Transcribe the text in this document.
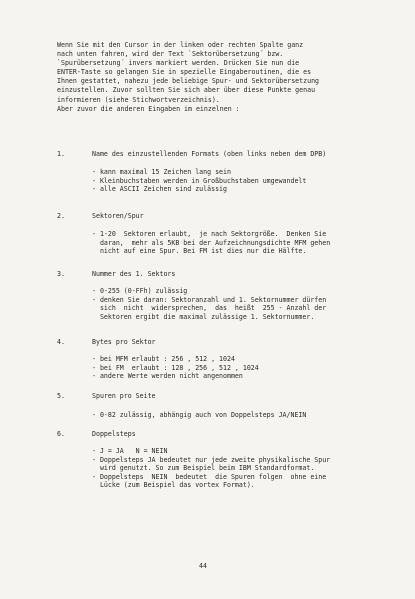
Wenn Sie mit den Cursor in der linken oder rechten Spalte ganz
nach unten fahren, wird der Text `Sektorübersetzung´ bzw.
`Spurübersetzung´ invers markiert werden. Drücken Sie nun die
ENTER-Taste so gelangen Sie in spezielle Eingaberoutinen, die es
Ihnen gestattet, nahezu jede beliebige Spur- und Sektorübersetzung
einzustellen. Zuvor sollten Sie sich aber über diese Punkte genau
informieren (siehe Stichwortverzeichnis).
Aber zuvor die anderen Eingaben im einzelnen :
1.	Name des einzustellenden Formats (oben links neben dem DPB)
- kann maximal 15 Zeichen lang sein
- Kleinbuchstaben werden in Großbuchstaben umgewandelt
- alle ASCII Zeichen sind zulässig
2.	Sektoren/Spur
- 1-20  Sektoren erlaubt,  je nach Sektorgröße.  Denken Sie
daran,  mehr als 5KB bei der Aufzeichnungsdichte MFM gehen
nicht auf eine Spur. Bei FM ist dies nur die Hälfte.
3.	Nummer des 1. Sektors
- 0-255 (0-FFh) zulässig
- denken Sie daran: Sektoranzahl und 1. Sektornummer dürfen
sich  nicht  widersprechen,  das  heißt  255 - Anzahl der
Sektoren ergibt die maximal zulässige 1. Sektornummer.
4.	Bytes pro Sektor
- bei MFM erlaubt : 256 , 512 , 1024
- bei FM  erlaubt : 128 , 256 , 512 , 1024
- andere Werte werden nicht angenommen
5.	Spuren pro Seite
- 0-82 zulässig, abhängig auch von Doppelsteps JA/NEIN
6.	Doppelsteps
- J = JA   N = NEIN
- Doppelsteps JA bedeutet nur jede zweite physikalische Spur
wird genutzt. So zum Beispiel beim IBM Standardformat.
- Doppelsteps  NEIN  bedeutet  die Spuren folgen  ohne eine
Lücke (zum Beispiel das vortex Format).
44
